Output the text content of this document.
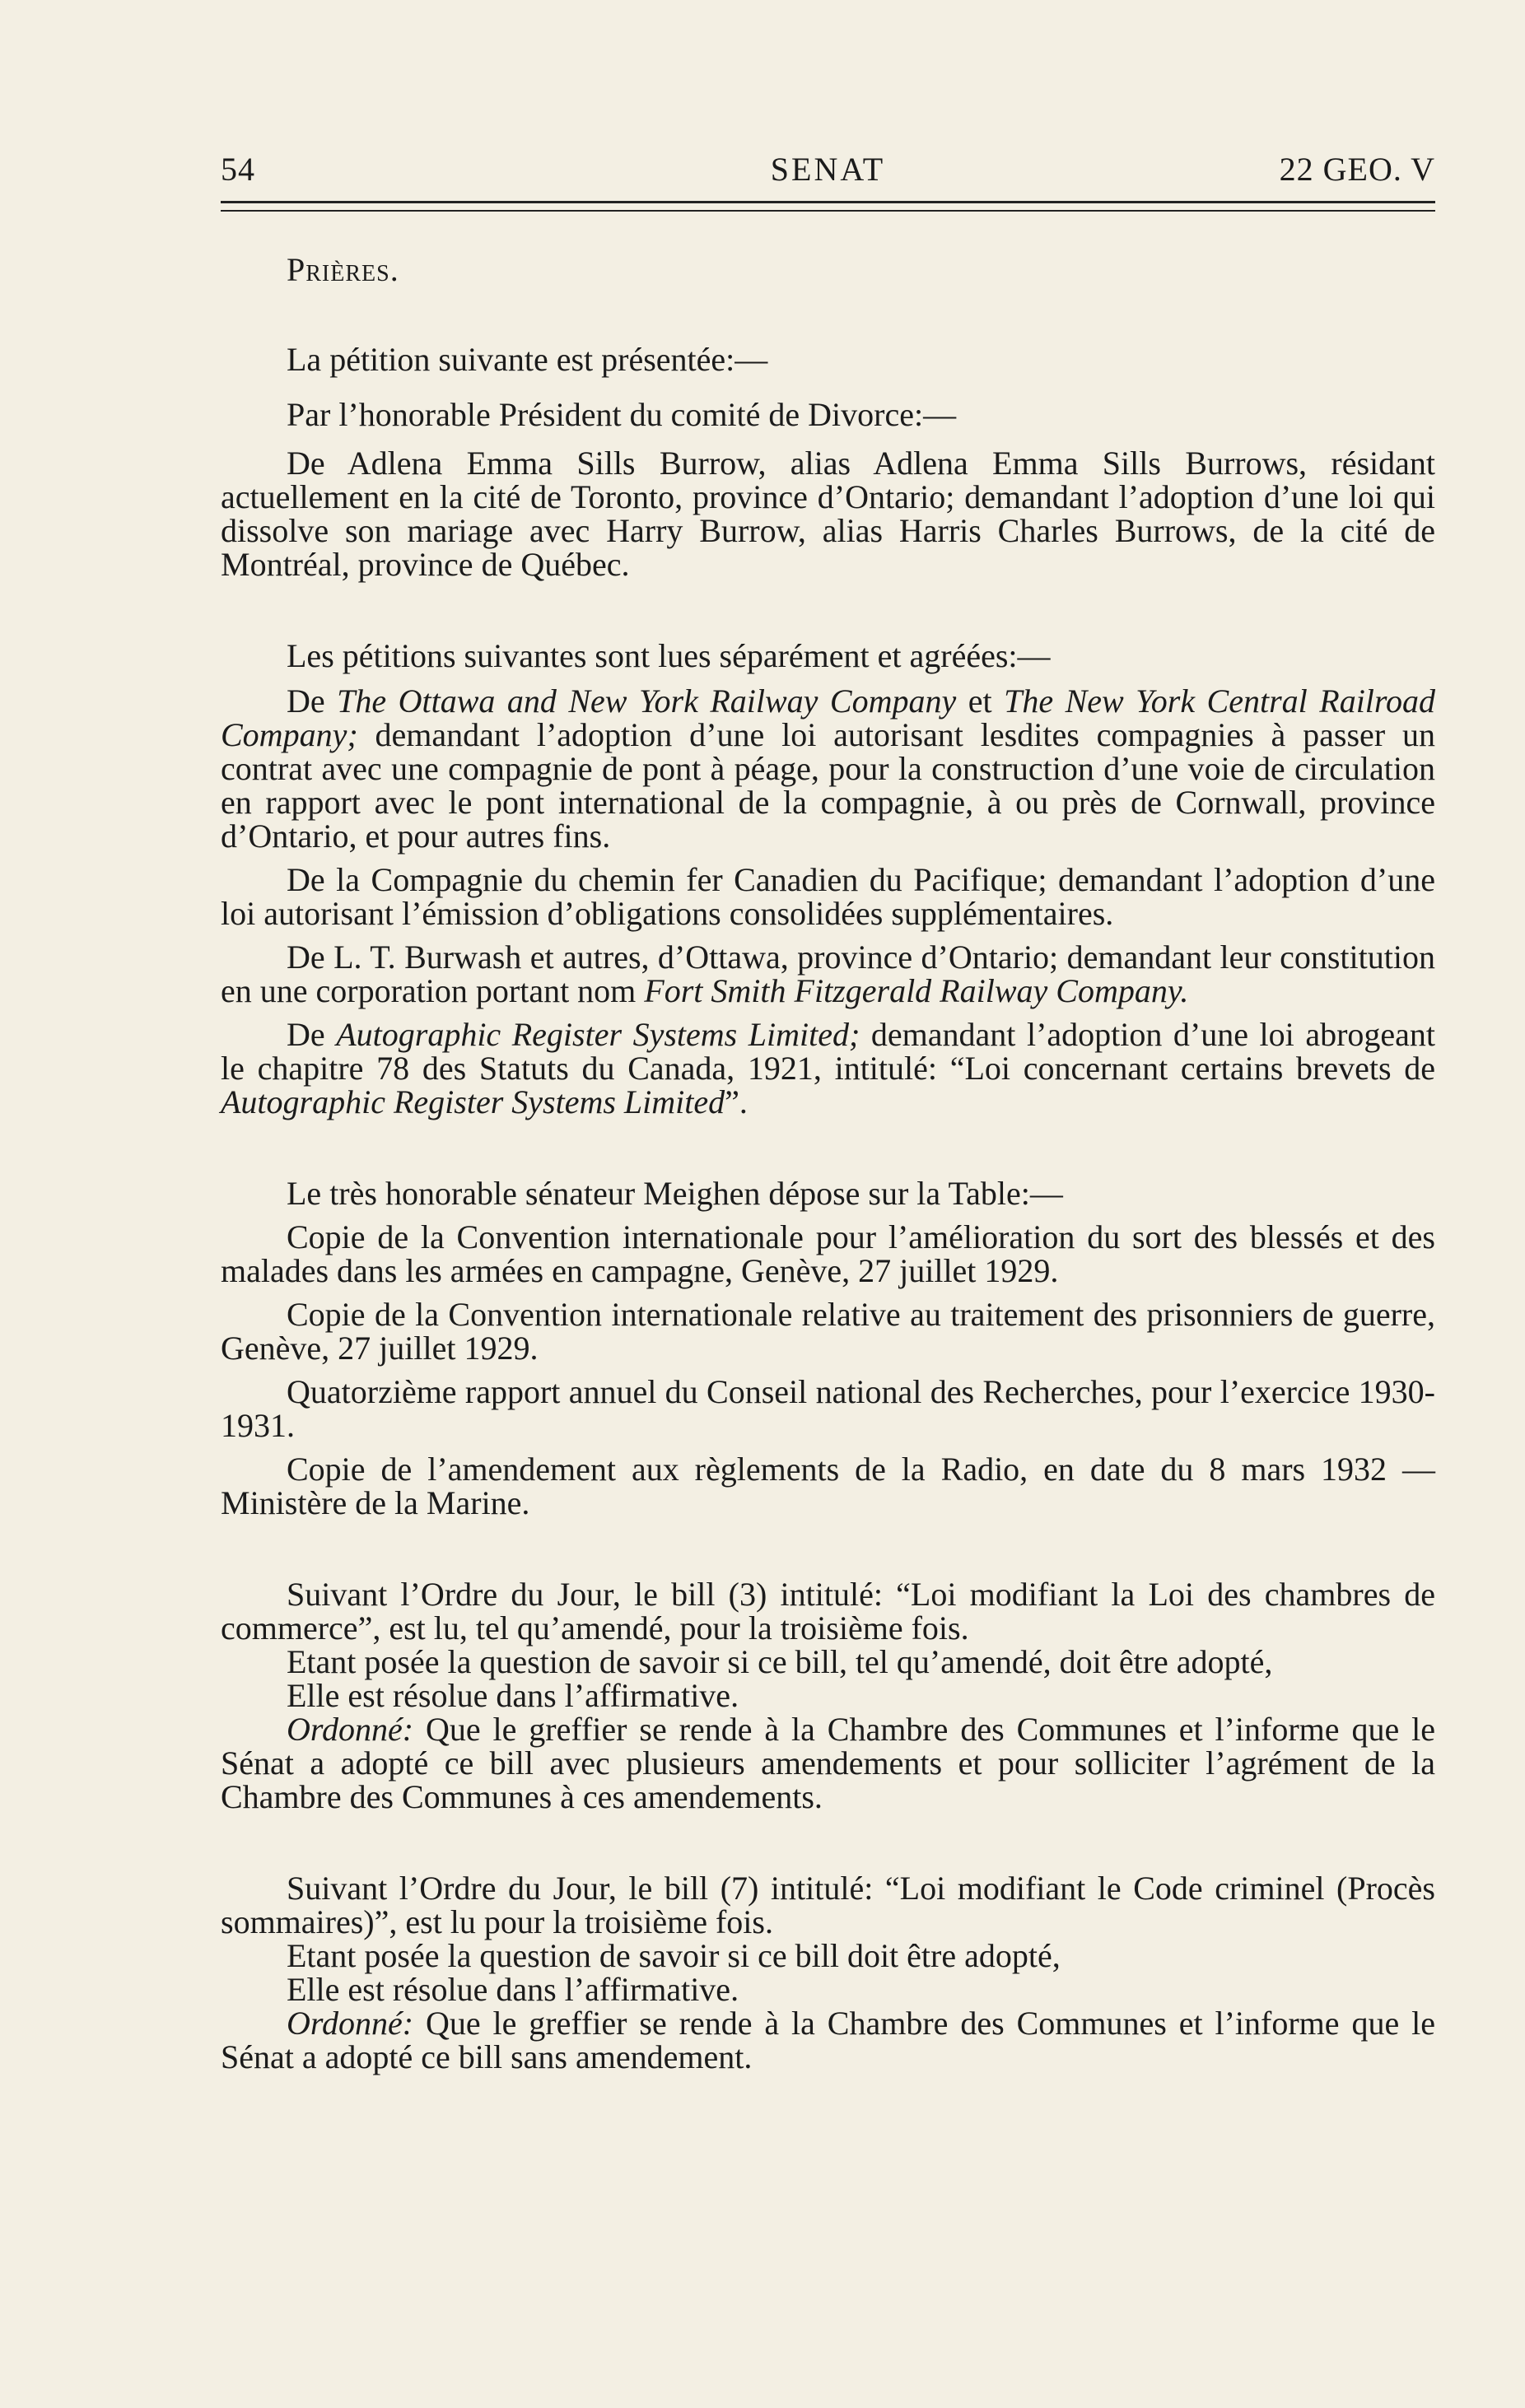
54	SENAT	22 GEO. V

Prières.

La pétition suivante est présentée:—

Par l’honorable Président du comité de Divorce:—

De Adlena Emma Sills Burrow, alias Adlena Emma Sills Burrows, résidant actuellement en la cité de Toronto, province d’Ontario; demandant l’adoption d’une loi qui dissolve son mariage avec Harry Burrow, alias Harris Charles Burrows, de la cité de Montréal, province de Québec.

Les pétitions suivantes sont lues séparément et agréées:—

De The Ottawa and New York Railway Company et The New York Central Railroad Company; demandant l’adoption d’une loi autorisant lesdites compagnies à passer un contrat avec une compagnie de pont à péage, pour la construction d’une voie de circulation en rapport avec le pont international de la compagnie, à ou près de Cornwall, province d’Ontario, et pour autres fins.

De la Compagnie du chemin fer Canadien du Pacifique; demandant l’adoption d’une loi autorisant l’émission d’obligations consolidées supplémentaires.

De L. T. Burwash et autres, d’Ottawa, province d’Ontario; demandant leur constitution en une corporation portant nom Fort Smith Fitzgerald Railway Company.

De Autographic Register Systems Limited; demandant l’adoption d’une loi abrogeant le chapitre 78 des Statuts du Canada, 1921, intitulé: “Loi concernant certains brevets de Autographic Register Systems Limited”.

Le très honorable sénateur Meighen dépose sur la Table:—

Copie de la Convention internationale pour l’amélioration du sort des blessés et des malades dans les armées en campagne, Genève, 27 juillet 1929.

Copie de la Convention internationale relative au traitement des prisonniers de guerre, Genève, 27 juillet 1929.

Quatorzième rapport annuel du Conseil national des Recherches, pour l’exercice 1930-1931.

Copie de l’amendement aux règlements de la Radio, en date du 8 mars 1932 —Ministère de la Marine.

Suivant l’Ordre du Jour, le bill (3) intitulé: “Loi modifiant la Loi des chambres de commerce”, est lu, tel qu’amendé, pour la troisième fois.

Etant posée la question de savoir si ce bill, tel qu’amendé, doit être adopté,

Elle est résolue dans l’affirmative.

Ordonné: Que le greffier se rende à la Chambre des Communes et l’informe que le Sénat a adopté ce bill avec plusieurs amendements et pour solliciter l’agrément de la Chambre des Communes à ces amendements.

Suivant l’Ordre du Jour, le bill (7) intitulé: “Loi modifiant le Code criminel (Procès sommaires)”, est lu pour la troisième fois.

Etant posée la question de savoir si ce bill doit être adopté,

Elle est résolue dans l’affirmative.

Ordonné: Que le greffier se rende à la Chambre des Communes et l’informe que le Sénat a adopté ce bill sans amendement.
